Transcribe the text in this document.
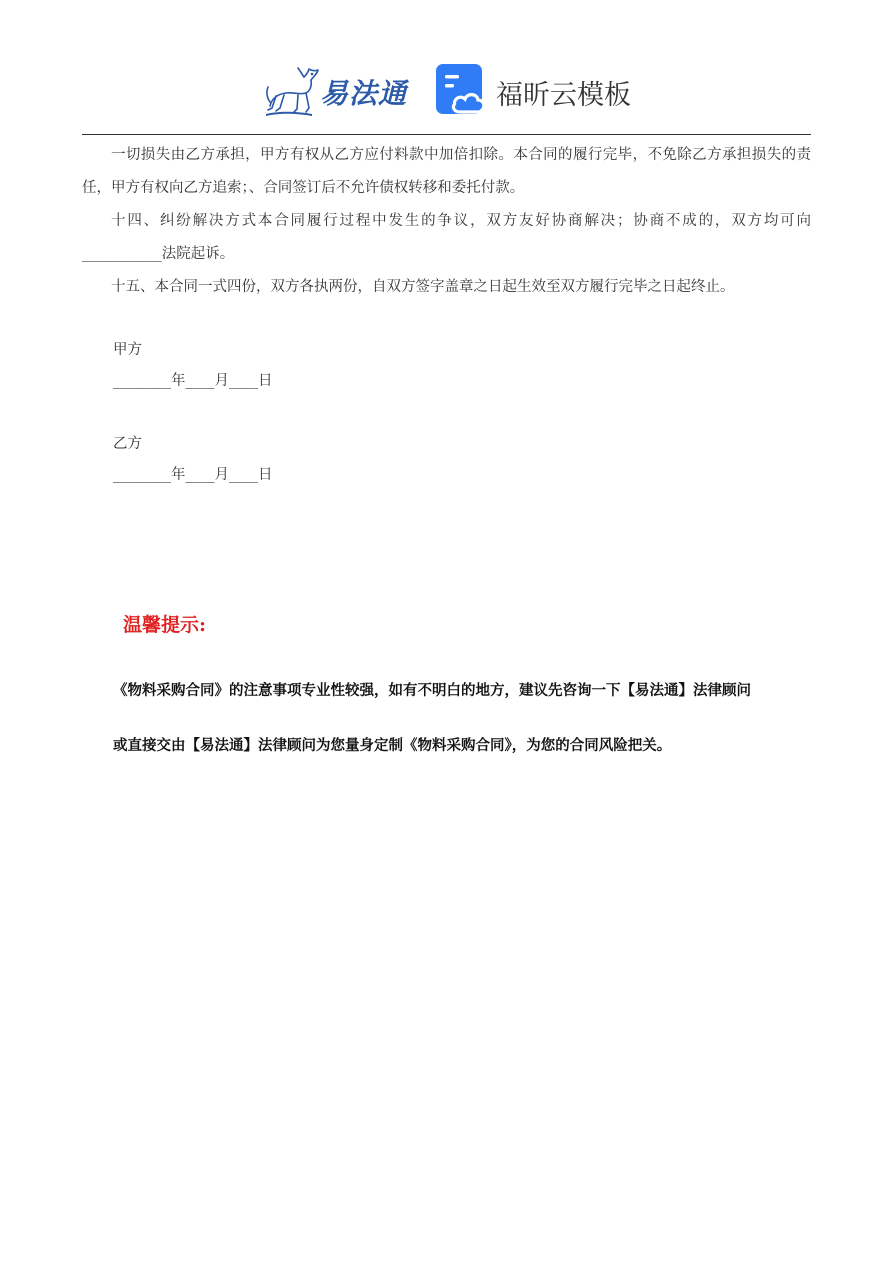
易法通	福昕云模板

一切损失由乙方承担，甲方有权从乙方应付料款中加倍扣除。本合同的履行完毕，不免除乙方承担损失的责任，甲方有权向乙方追索；、合同签订后不允许债权转移和委托付款。

十四、纠纷解决方式本合同履行过程中发生的争议，双方友好协商解决；协商不成的，双方均可向___________法院起诉。

十五、本合同一式四份，双方各执两份，自双方签字盖章之日起生效至双方履行完毕之日起终止。

甲方
________年____月____日
乙方
________年____月____日
温馨提示:

《物料采购合同》的注意事项专业性较强，如有不明白的地方，建议先咨询一下【易法通】法律顾问

或直接交由【易法通】法律顾问为您量身定制《物料采购合同》，为您的合同风险把关。
